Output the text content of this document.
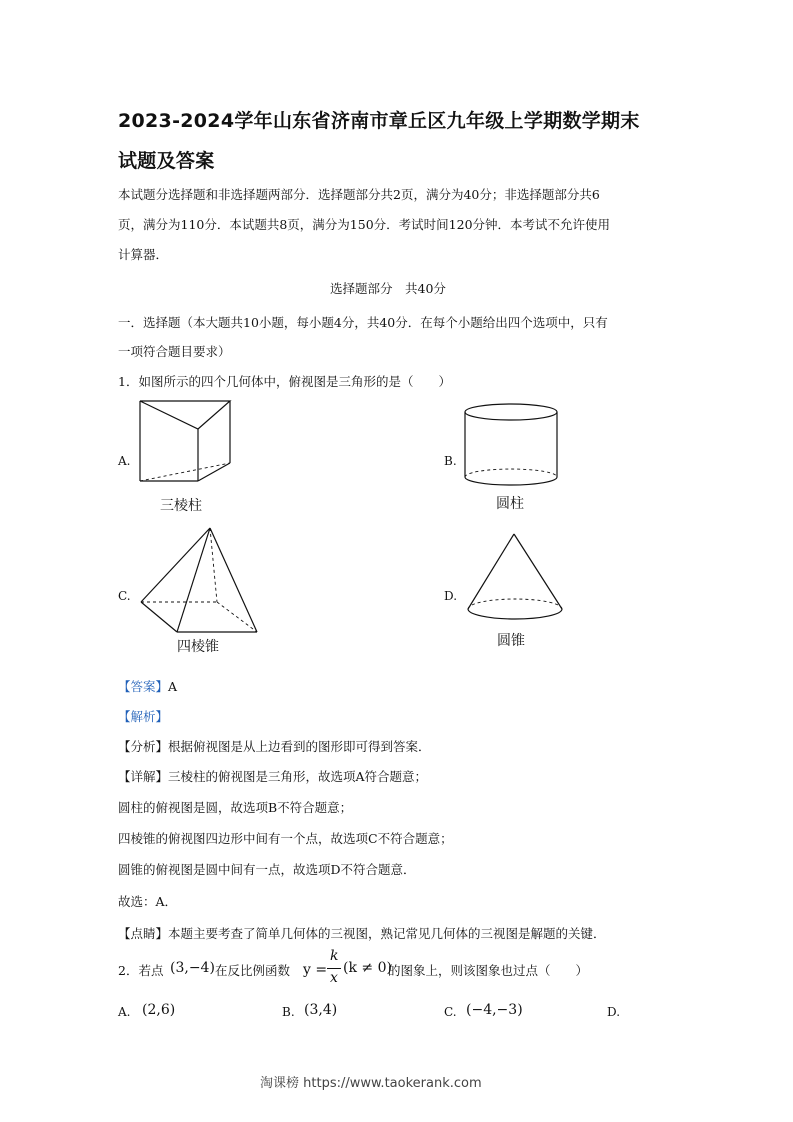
2023-2024学年山东省济南市章丘区九年级上学期数学期末
试题及答案
本试题分选择题和非选择题两部分．选择题部分共2页，满分为40分；非选择题部分共6
页，满分为110分．本试题共8页，满分为150分．考试时间120分钟．本考试不允许使用
计算器．
选择题部分　共40分
一．选择题（本大题共10小题，每小题4分，共40分．在每个小题给出四个选项中，只有
一项符合题目要求）
1．如图所示的四个几何体中，俯视图是三角形的是（　　）
A.
三棱柱
B.
圆柱
C.
四棱锥
D.
圆锥
【答案】A
【解析】
【分析】根据俯视图是从上边看到的图形即可得到答案．
【详解】三棱柱的俯视图是三角形，故选项A符合题意；
圆柱的俯视图是圆，故选项B不符合题意；
四棱锥的俯视图四边形中间有一个点，故选项C不符合题意；
圆锥的俯视图是圆中间有一点，故选项D不符合题意．
故选：A．
【点睛】本题主要考查了简单几何体的三视图，熟记常见几何体的三视图是解题的关键．
2．若点 (3,−4) 在反比例函数 y =
k
x
(k ≠ 0)
的图象上，则该图象也过点（　　）
A. (2,6)	B. (3,4)	C. (−4,−3)	D.
淘课榜 https://www.taokerank.com
